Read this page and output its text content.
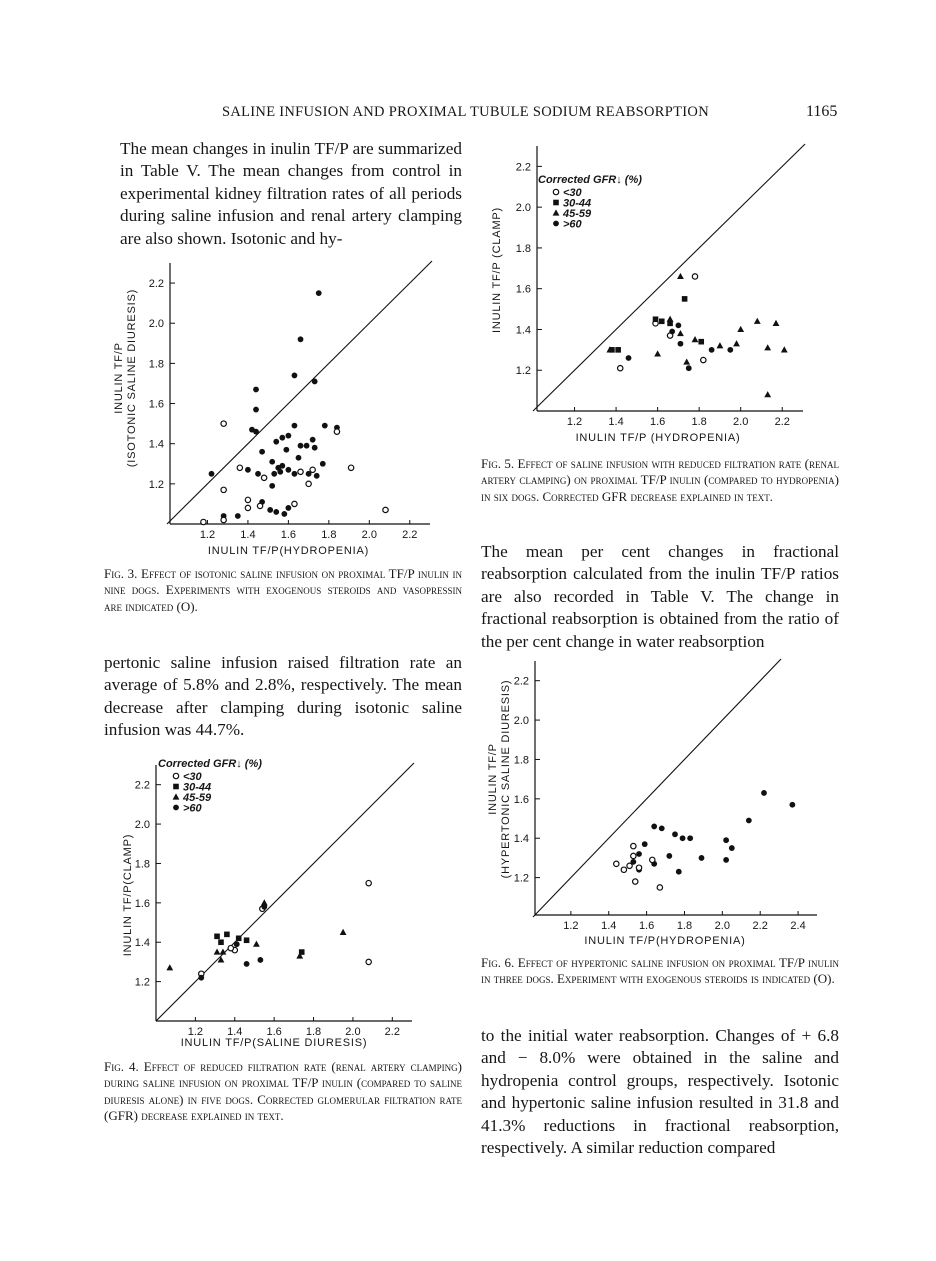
SALINE INFUSION AND PROXIMAL TUBULE SODIUM REABSORPTION	1165

The mean changes in inulin TF/P are summarized in Table V. The mean changes from control in experimental kidney filtration rates of all periods during saline infusion and renal artery clamping are also shown. Isotonic and hy-

pertonic saline infusion raised filtration rate an average of 5.8% and 2.8%, respectively. The mean decrease after clamping during isotonic saline infusion was 44.7%.

The mean per cent changes in fractional reabsorption calculated from the inulin TF/P ratios are also recorded in Table V. The change in fractional reabsorption is obtained from the ratio of the per cent change in water reabsorption

to the initial water reabsorption. Changes of + 6.8 and − 8.0% were obtained in the saline and hydropenia control groups, respectively. Isotonic and hypertonic saline infusion resulted in 31.8 and 41.3% reductions in fractional reabsorption, respectively. A similar reduction compared

1.2 1.4 1.6 1.8 2.0 2.2
1.2
1.4
1.6
1.8
2.0
2.2
INULIN TF/P(HYDROPENIA)
INULIN TF/P (ISOTONIC SALINE DIURESIS)
1.2 1.4 1.6 1.8 2.0 2.2
1.2
1.4
1.6
1.8
2.0
2.2
INULIN TF/P(SALINE DIURESIS)
INULIN TF/P(CLAMP)
Corrected GFR↓ (%)
<30
30-44
45-59
>60
1.2 1.4 1.6 1.8 2.0 2.2
1.2
1.4
1.6
1.8
2.0
2.2
INULIN TF/P (HYDROPENIA)
INULIN TF/P (CLAMP)
Corrected GFR↓ (%)
<30
30-44
45-59
>60
1.2 1.4 1.6 1.8 2.0 2.2 2.4
1.2
1.4
1.6
1.8
2.0
2.2
INULIN TF/P(HYDROPENIA)
INULIN TF/P (HYPERTONIC SALINE DIURESIS)

Fig. 3. Effect of isotonic saline infusion on proximal TF/P inulin in nine dogs. Experiments with exogenous steroids and vasopressin are indicated (O).

Fig. 4. Effect of reduced filtration rate (renal artery clamping) during saline infusion on proximal TF/P inulin (compared to saline diuresis alone) in five dogs. Corrected glomerular filtration rate (GFR) decrease explained in text.

Fig. 5. Effect of saline infusion with reduced filtration rate (renal artery clamping) on proximal TF/P inulin (compared to hydropenia) in six dogs. Corrected GFR decrease explained in text.

Fig. 6. Effect of hypertonic saline infusion on proximal TF/P inulin in three dogs. Experiment with exogenous steroids is indicated (O).
